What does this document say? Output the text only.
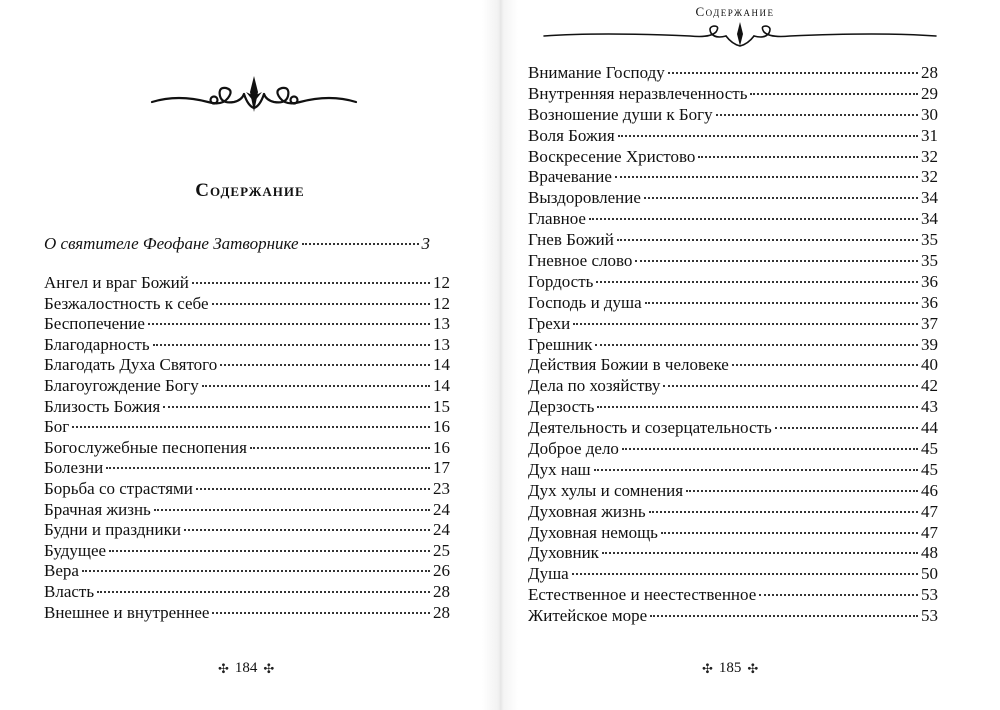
Содержание
О святителе Феофане Затворнике	3
Ангел и враг Божий	12
Безжалостность к себе	12
Беспопечение	13
Благодарность	13
Благодать Духа Святого	14
Благоугождение Богу	14
Близость Божия	15
Бог	16
Богослужебные песнопения	16
Болезни	17
Борьба со страстями	23
Брачная жизнь	24
Будни и праздники	24
Будущее	25
Вера	26
Власть	28
Внешнее и внутреннее	28
✣ 184 ✣
Содержание
Внимание Господу	28
Внутренняя неразвлеченность	29
Возношение души к Богу	30
Воля Божия	31
Воскресение Христово	32
Врачевание	32
Выздоровление	34
Главное	34
Гнев Божий	35
Гневное слово	35
Гордость	36
Господь и душа	36
Грехи	37
Грешник	39
Действия Божии в человеке	40
Дела по хозяйству	42
Дерзость	43
Деятельность и созерцательность	44
Доброе дело	45
Дух наш	45
Дух хулы и сомнения	46
Духовная жизнь	47
Духовная немощь	47
Духовник	48
Душа	50
Естественное и неестественное	53
Житейское море	53
✣ 185 ✣
